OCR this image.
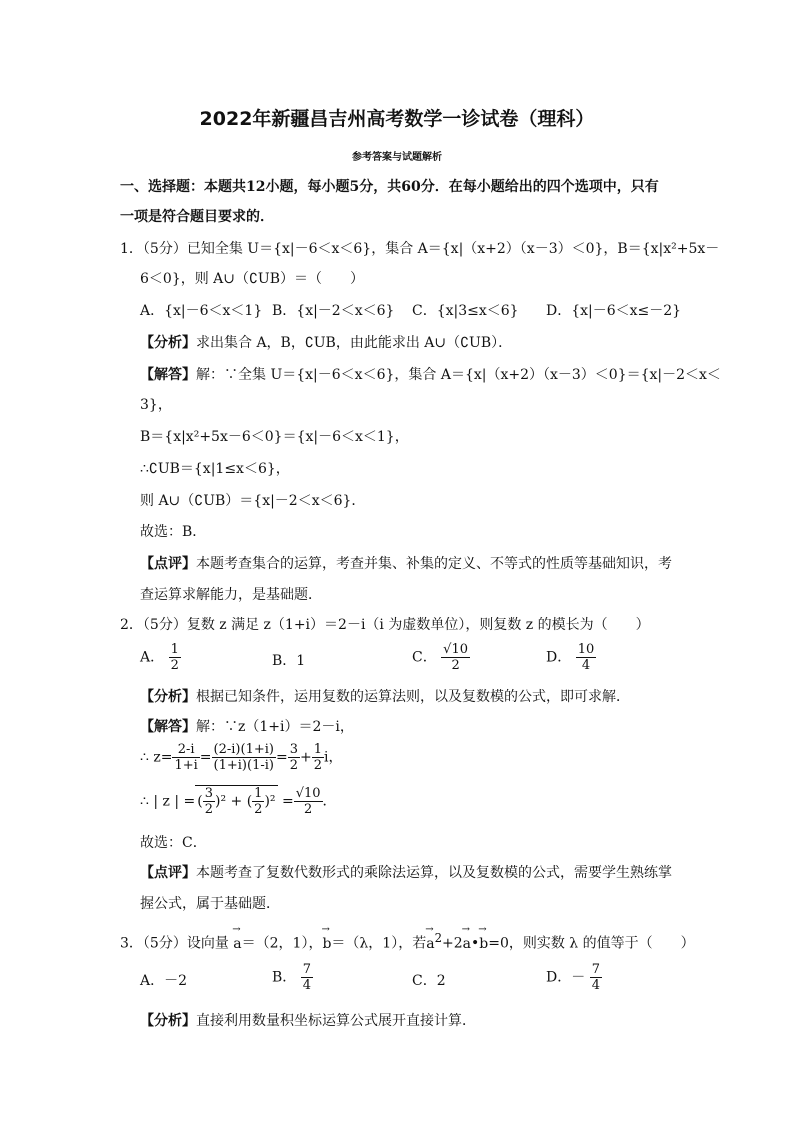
2022年新疆昌吉州高考数学一诊试卷（理科）
参考答案与试题解析
一、选择题：本题共12小题，每小题5分，共60分．在每小题给出的四个选项中，只有
一项是符合题目要求的．
1．（5分）已知全集 U＝{x|－6＜x＜6}，集合 A＝{x|（x+2）（x－3）＜0}，B＝{x|x²+5x－
6＜0}，则 A∪（∁UB）＝（　　）
A．{x|－6＜x＜1} B．{x|－2＜x＜6} C．{x|3≤x＜6} D．{x|－6＜x≤－2}
【分析】求出集合 A，B，∁UB，由此能求出 A∪（∁UB）．
【解答】解：∵全集 U＝{x|－6＜x＜6}，集合 A＝{x|（x+2）（x－3）＜0}＝{x|－2＜x＜
3}，
B＝{x|x²+5x－6＜0}＝{x|－6＜x＜1}，
∴∁UB＝{x|1≤x＜6}，
则 A∪（∁UB）＝{x|－2＜x＜6}．
故选：B．
【点评】本题考查集合的运算，考查并集、补集的定义、不等式的性质等基础知识，考
查运算求解能力，是基础题．
2．（5分）复数 z 满足 z（1+i）＝2－i（i 为虚数单位），则复数 z 的模长为（　　）
A． $\frac{1}{2}$	B．1	C． $\frac{√10}{2}$	D． $\frac{10}{4}$
【分析】根据已知条件，运用复数的运算法则，以及复数模的公式，即可求解．
【解答】解：∵z（1+i）＝2－i，
∴ $z= \frac{2-i}{1+i} = \frac{(2-i)(1+i)}{(1+i)(1-i)} = \frac{3}{2} + \frac{1}{2}$ i，
∴ | z | = ( $\frac{3}{2} )^2$ + ( $\frac{1}{2} )^2 = \frac{√10}{2}$ ．
故选：C．
【点评】本题考查了复数代数形式的乘除法运算，以及复数模的公式，需要学生熟练掌
握公式，属于基础题．
3．（5分）设向量 → a＝（2，1），→ b＝（λ，1），若→ $a^2+2\to$ a•→ b=0，则实数 λ 的值等于（　　）
A．－2	B． $\frac{7}{4}$	C．2	D．－ $\frac{7}{4}$
【分析】直接利用数量积坐标运算公式展开直接计算．
